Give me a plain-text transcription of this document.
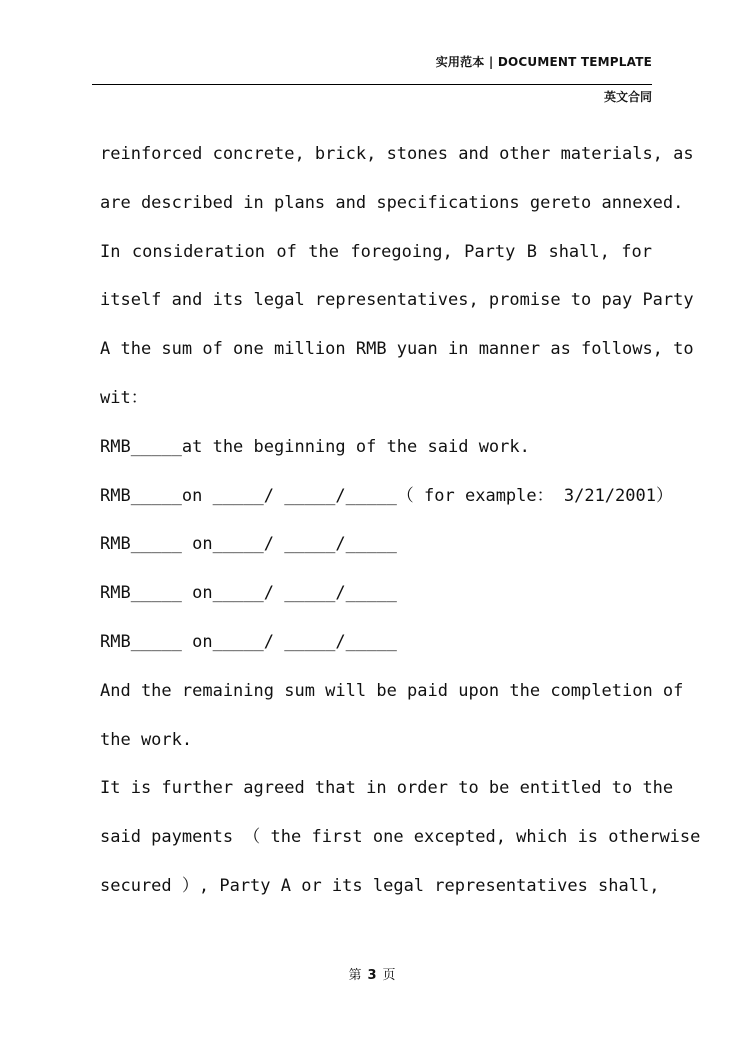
实用范本 | DOCUMENT TEMPLATE
英文合同
reinforced concrete, brick, stones and other materials, as
are described in plans and specifications gereto annexed.
In consideration of the foregoing, Party B shall, for
itself and its legal representatives, promise to pay Party
A the sum of one million RMB yuan in manner as follows, to
wit：
RMB_____at the beginning of the said work.
RMB_____on _____/ _____/_____（ for example： 3/21/2001）
RMB_____ on_____/ _____/_____
RMB_____ on_____/ _____/_____
RMB_____ on_____/ _____/_____
And the remaining sum will be paid upon the completion of
the work.
It is further agreed that in order to be entitled to the
said payments （ the first one excepted, which is otherwise
secured ）, Party A or its legal representatives shall,
第 3 页
